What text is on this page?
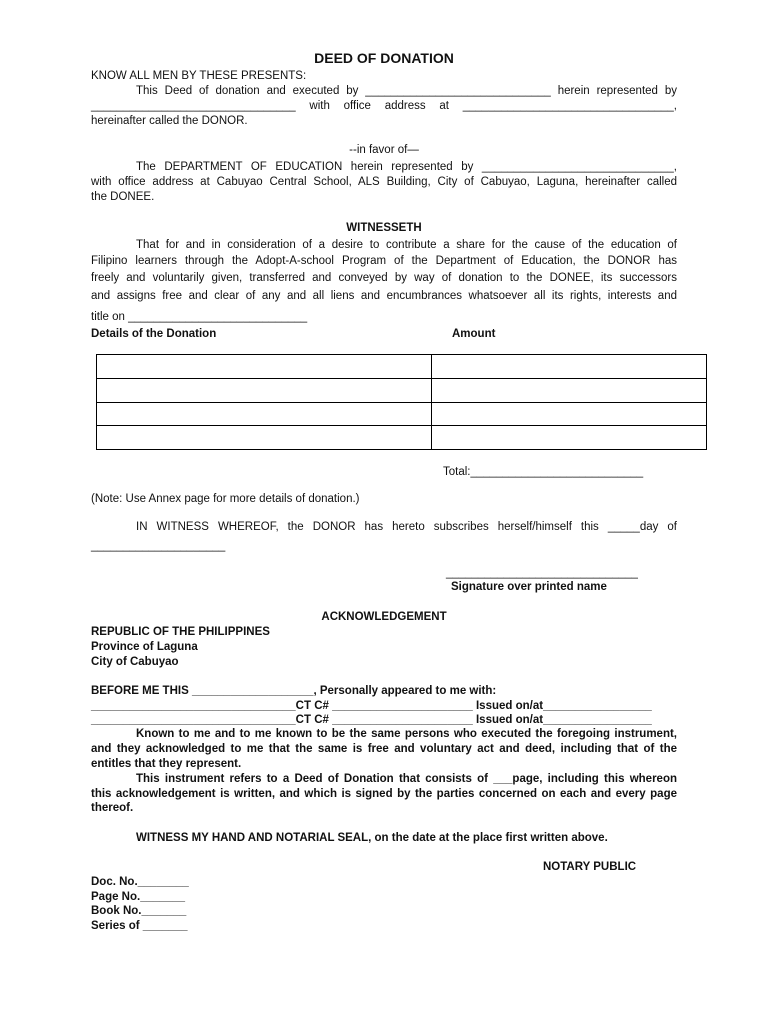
DEED OF DONATION
KNOW ALL MEN BY THESE PRESENTS:
This Deed of donation and executed by _____________________________ herein represented by
________________________________ with office address at _________________________________,
hereinafter called the DONOR.
--in favor of—
The DEPARTMENT OF EDUCATION herein represented by ______________________________,
with office address at Cabuyao Central School, ALS Building, City of Cabuyao, Laguna, hereinafter called
the DONEE.
WITNESSETH
That for and in consideration of a desire to contribute a share for the cause of the education of
Filipino learners through the Adopt-A-school Program of the Department of Education, the DONOR has
freely and voluntarily given, transferred and conveyed by way of donation to the DONEE, its successors
and assigns free and clear of any and all liens and encumbrances whatsoever all its rights, interests and
title on ____________________________
Details of the Donation	Amount

Total:___________________________
(Note: Use Annex page for more details of donation.)
IN WITNESS WHEREOF, the DONOR has hereto subscribes herself/himself this _____day of
_____________________
______________________________
Signature over printed name
ACKNOWLEDGEMENT
REPUBLIC OF THE PHILIPPINES
Province of Laguna
City of Cabuyao
BEFORE ME THIS ___________________, Personally appeared to me with:
________________________________CT C# ______________________ Issued on/at_________________
________________________________CT C# ______________________ Issued on/at_________________
Known to me and to me known to be the same persons who executed the foregoing instrument,
and they acknowledged to me that the same is free and voluntary act and deed, including that of the
entitles that they represent.
This instrument refers to a Deed of Donation that consists of ___page, including this whereon
this acknowledgement is written, and which is signed by the parties concerned on each and every page
thereof.
WITNESS MY HAND AND NOTARIAL SEAL, on the date at the place first written above.
NOTARY PUBLIC
Doc. No.________
Page No._______
Book No._______
Series of _______
